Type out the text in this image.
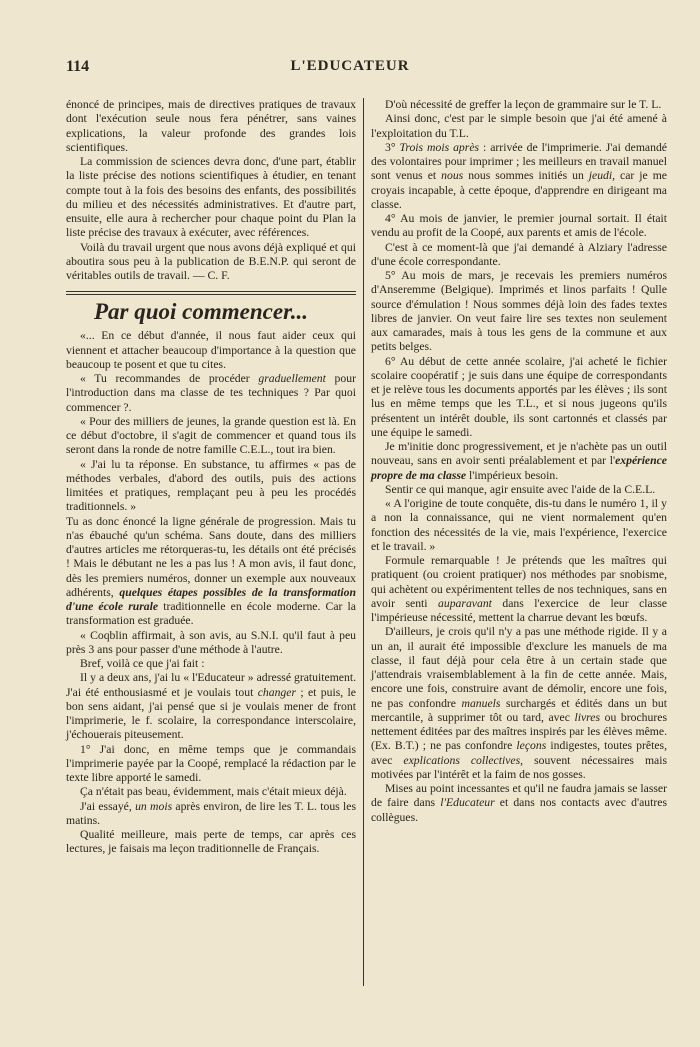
114	L'EDUCATEUR

énoncé de principes, mais de directives pratiques de travaux dont l'exécution seule nous fera pénétrer, sans vaines explications, la valeur profonde des grandes lois scientifiques.

La commission de sciences devra donc, d'une part, établir la liste précise des notions scientifiques à étudier, en tenant compte tout à la fois des besoins des enfants, des possibilités du milieu et des nécessités administratives. Et d'autre part, ensuite, elle aura à rechercher pour chaque point du Plan la liste précise des travaux à exécuter, avec références.

Voilà du travail urgent que nous avons déjà expliqué et qui aboutira sous peu à la publication de B.E.N.P. qui seront de véritables outils de travail. — C. F.

Par quoi commencer...

«... En ce début d'année, il nous faut aider ceux qui viennent et attacher beaucoup d'importance à la question que beaucoup te posent et que tu cites.

« Tu recommandes de procéder graduellement pour l'introduction dans ma classe de tes techniques ? Par quoi commencer ?.

« Pour des milliers de jeunes, la grande question est là. En ce début d'octobre, il s'agit de commencer et quand tous ils seront dans la ronde de notre famille C.E.L., tout ira bien.

« J'ai lu ta réponse. En substance, tu affirmes « pas de méthodes verbales, d'abord des outils, puis des actions limitées et pratiques, remplaçant peu à peu les procédés traditionnels. »

Tu as donc énoncé la ligne générale de progression. Mais tu n'as ébauché qu'un schéma. Sans doute, dans des milliers d'autres articles me rétorqueras-tu, les détails ont été précisés ! Mais le débutant ne les a pas lus ! A mon avis, il faut donc, dès les premiers numéros, donner un exemple aux nouveaux adhérents, quelques étapes possibles de la transformation d'une école rurale traditionnelle en école moderne. Car la transformation est graduée.

« Coqblin affirmait, à son avis, au S.N.I. qu'il faut à peu près 3 ans pour passer d'une méthode à l'autre.

Bref, voilà ce que j'ai fait :

Il y a deux ans, j'ai lu « l'Educateur » adressé gratuitement. J'ai été enthousiasmé et je voulais tout changer ; et puis, le bon sens aidant, j'ai pensé que si je voulais mener de front l'imprimerie, le f. scolaire, la correspondance interscolaire, j'échouerais piteusement.

1° J'ai donc, en même temps que je commandais l'imprimerie payée par la Coopé, remplacé la rédaction par le texte libre apporté le samedi.

Ça n'était pas beau, évidemment, mais c'était mieux déjà.

J'ai essayé, un mois après environ, de lire les T. L. tous les matins.

Qualité meilleure, mais perte de temps, car après ces lectures, je faisais ma leçon traditionnelle de Français.

D'où nécessité de greffer la leçon de grammaire sur le T. L.

Ainsi donc, c'est par le simple besoin que j'ai été amené à l'exploitation du T.L.

3° Trois mois après : arrivée de l'imprimerie. J'ai demandé des volontaires pour imprimer ; les meilleurs en travail manuel sont venus et nous nous sommes initiés un jeudi, car je me croyais incapable, à cette époque, d'apprendre en dirigeant ma classe.

4° Au mois de janvier, le premier journal sortait. Il était vendu au profit de la Coopé, aux parents et amis de l'école.

C'est à ce moment-là que j'ai demandé à Alziary l'adresse d'une école correspondante.

5° Au mois de mars, je recevais les premiers numéros d'Anseremme (Belgique). Imprimés et linos parfaits ! Qulle source d'émulation ! Nous sommes déjà loin des fades textes libres de janvier. On veut faire lire ses textes non seulement aux camarades, mais à tous les gens de la commune et aux petits belges.

6° Au début de cette année scolaire, j'ai acheté le fichier scolaire coopératif ; je suis dans une équipe de correspondants et je relève tous les documents apportés par les élèves ; ils sont lus en même temps que les T.L., et si nous jugeons qu'ils présentent un intérêt double, ils sont cartonnés et classés par une équipe le samedi.

Je m'initie donc progressivement, et je n'achète pas un outil nouveau, sans en avoir senti préalablement et par l'expérience propre de ma classe l'impérieux besoin.

Sentir ce qui manque, agir ensuite avec l'aide de la C.E.L.

« A l'origine de toute conquête, dis-tu dans le numéro 1, il y a non la connaissance, qui ne vient normalement qu'en fonction des nécessités de la vie, mais l'expérience, l'exercice et le travail. »

Formule remarquable ! Je prétends que les maîtres qui pratiquent (ou croient pratiquer) nos méthodes par snobisme, qui achètent ou expérimentent telles de nos techniques, sans en avoir senti auparavant dans l'exercice de leur classe l'impérieuse nécessité, mettent la charrue devant les bœufs.

D'ailleurs, je crois qu'il n'y a pas une méthode rigide. Il y a un an, il aurait été impossible d'exclure les manuels de ma classe, il faut déjà pour cela être à un certain stade que j'attendrais vraisemblablement à la fin de cette année. Mais, encore une fois, construire avant de démolir, encore une fois, ne pas confondre manuels surchargés et édités dans un but mercantile, à supprimer tôt ou tard, avec livres ou brochures nettement éditées par des maîtres inspirés par les élèves même. (Ex. B.T.) ; ne pas confondre leçons indigestes, toutes prêtes, avec explications collectives, souvent nécessaires mais motivées par l'intérêt et la faim de nos gosses.

Mises au point incessantes et qu'il ne faudra jamais se lasser de faire dans l'Educateur et dans nos contacts avec d'autres collègues.
